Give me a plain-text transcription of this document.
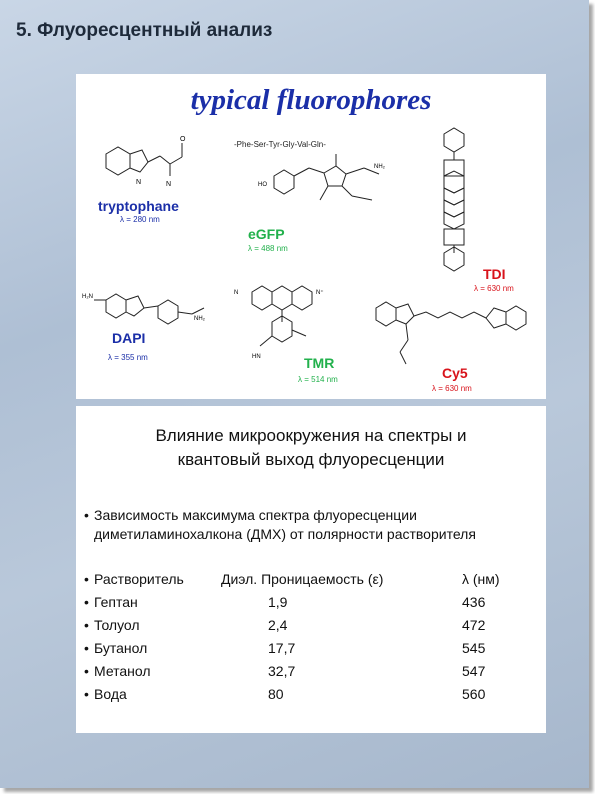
5. Флуоресцентный анализ
typical fluorophores
N	N
O
tryptophane
λ = 280 nm
-Phe-Ser-Tyr-Gly-Val-Gln-
HO
NH₂
eGFP
λ = 488 nm
TDI
λ = 630 nm
H₂N
NH₂
DAPI
λ = 355 nm
N	N⁺
HN	TMR
λ = 514 nm	Cy5
λ = 630 nm
Влияние микроокружения на спектры и
квантовый выход флуоресценции
• Зависимость максимума спектра флуоресценции
диметиламинохалкона (ДМХ) от полярности растворителя
• Растворитель	Диэл. Проницаемость (ε)	λ (нм)
• Гептан	1,9	436
• Толуол	2,4	472
• Бутанол	17,7	545
• Метанол	32,7	547
• Вода	80	560
